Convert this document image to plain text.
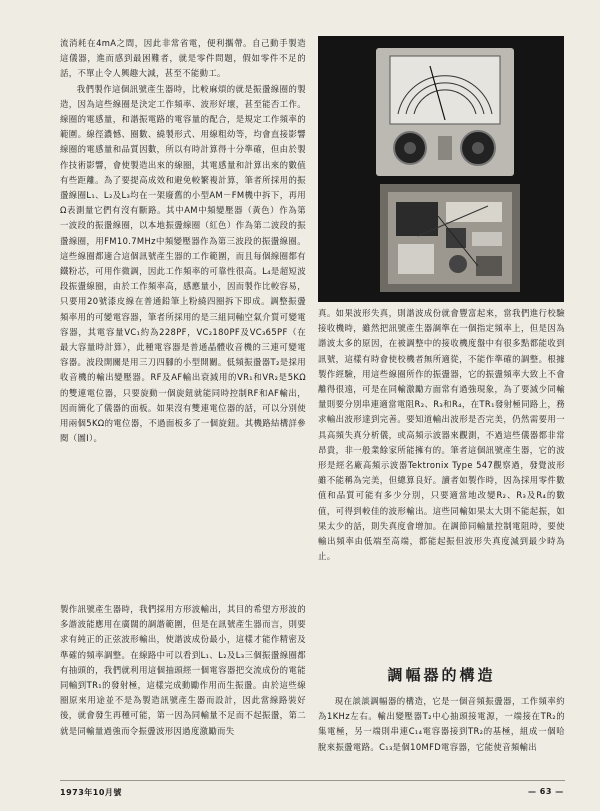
流消耗在4mA之間，因此非常省電，便利攜帶。自己動手製造這儀器，進而感到最困難者，就是零件問題，假如零件不足的話，不單止令人興趣大減，甚至不能動工。

我們製作這個訊號產生器時，比較麻煩的就是振盪線圈的製造，因為這些線圈是決定工作頻率、波形好壞，甚至能否工作。線圈的電感量，和諧振電路的電容量的配合，是規定工作頻率的範圍。線徑濃憾、圈數、繞製形式、用線粗幼等，均會直接影響線圈的電感量和品質因數，所以有時計算得十分準確，但由於製作技術影響，會使製造出來的線圈，其電感量和計算出來的數值有些距離。為了要提高成效和避免較繁複計算，筆者所採用的振盪線圈L₁、L₂及L₃均在一架廢舊的小型AM－FM機中拆下，再用Ω表測量它們有沒有斷路。其中AM中頻變壓器（黃色）作為第一波段的振盪線圈，以本地振盪線圈（紅色）作為第二波段的振盪線圈，用FM10.7MHz中頻變壓器作為第三波段的振盪線圈。這些線圈都適合這個訊號產生器的工作範圍，而且每個線圈都有鐵粉芯，可用作微調，因此工作頻率的可靠性很高。L₄是超短波段振盪線圈，由於工作頻率高，感應量小，因而製作比較容易，只要用20號漆皮線在普通鉛筆上粉繞四圈拆下即成。調整振盪頻率用的可變電容器，筆者所採用的是三組同軸空氣介質可變電容器，其電容量VC₁約為228PF，VC₂180PF及VC₃65PF（在最大容量時計算），此種電容器是普通晶體收音機的三連可變電容器。波段開關是用三刀四腳的小型開關。低頻振盪器T₂是採用收音機的輸出變壓器。RF及AF輸出衰減用的VR₁和VR₂是5KΩ的雙連電位器，只要旋動一個旋鈕就能同時控制RF和AF輸出，因而簡化了儀器的面板。如果沒有雙連電位器的話，可以分別使用兩個5KΩ的電位器，不過面板多了一個旋鈕。其機路結構詳參閱（圖Ⅰ）。

製作訊號產生器時，我們採用方形波輸出，其目的希望方形波的多諧波能應用在廣闊的調諧範圍，但是在訊號產生器而言，則要求有純正的正弦波形輸出，使諧波成份最小，這樣才能作精密及準確的頻率調整。在線路中可以看到L₁、L₂及L₃三個振盪線圈都有抽頭的，我們就利用這個抽頭經一個電容器把交流成份的電能同輸到TR₁的發射極，這樣完成動勵作用而生振盪。由於這些線圈原來用途並不是為製造訊號產生器而設計，因此當線路裝好後，就會發生再種可能，第一因為同輸量不足而不起振盪，第二就是同輸量過強而令振盪波形因過度激勵而失

真。如果波形失真，則諧波成份就會豐富起來，當我們進行校驗接收機時，雖然把訊號產生器調準在一個指定頻率上，但是因為諧波太多的原因，在被調整中的接收機度盤中有很多點都能收到訊號，這樣有時會使校機者無所適從，不能作準確的調整。根據製作經驗，用這些線圈所作的振盪器，它的振盪頻率大致上不會離得很遠，可是在同輸激勵方面常有過強現象，為了要減少同輸量則要分別串連適當電阻R₂、R₃和R₄，在TR₁發射極同路上，務求輸出波形達到完善。要知道輸出波形是否完美，仍然需要用一具高頻失真分析儀，或高頻示波器來觀測，不過這些儀器都非常昂貴，非一般業餘家所能擁有的。筆者這個訊號產生器，它的波形是經名廠高頻示波器Tektronix Type 547觀察過，發覺波形雖不能稱為完美，但總算良好。讀者如製作時，因為採用零件數值和品質可能有多少分別，只要適當地改變R₂、R₃及R₄的數值，可得到較佳的波形輸出。這些同輸如果太大則不能起振，如果太少的話，則失真度會增加。在調節同輸量控制電阻時，要使輸出頻率由低端至高端，都能起振但波形失真度減到最少時為止。

調幅器的構造

現在談談調幅器的構造，它是一個音頻振盪器，工作頻率約為1KHz左右。輸出變壓器T₂中心抽頭接電源，一端接在TR₂的集電極，另一端則串連C₁₄電容器接到TR₂的基極，組成一個哈脫來振盪電路。C₁₃是個10MFD電容器，它能使音頻輸出

1973年10月號	— 63 —
